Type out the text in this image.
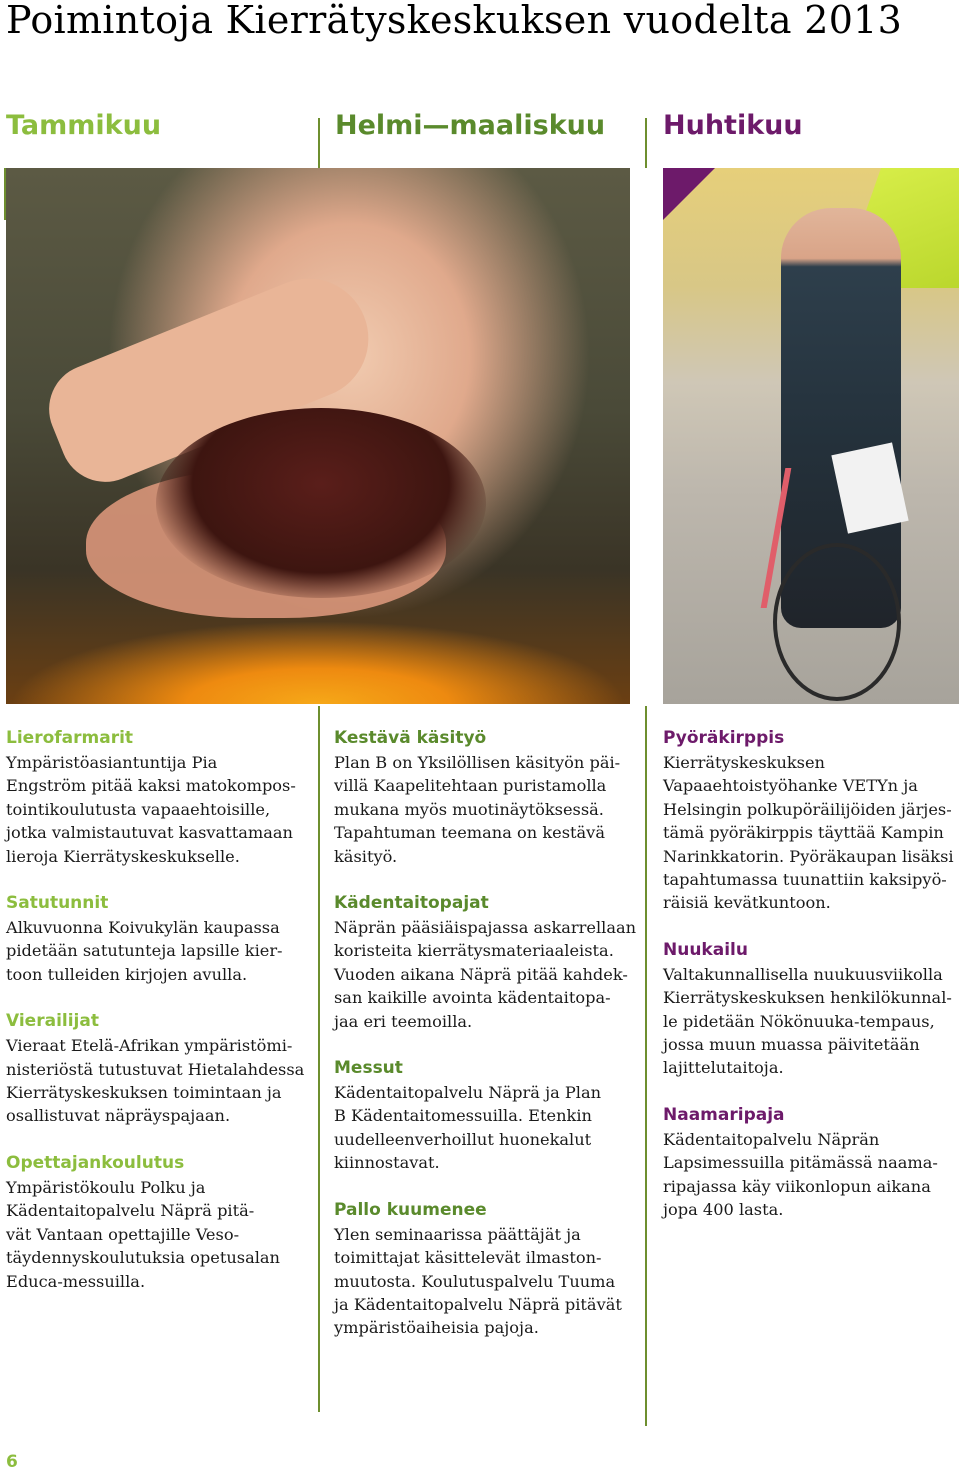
Poimintoja Kierrätyskeskuksen vuodelta 2013
Tammikuu	Helmi—maaliskuu Huhtikuu
Lierofarmarit
Ympäristöasiantuntija Pia
Engström pitää kaksi matokompos-
tointikoulutusta vapaaehtoisille,
jotka valmistautuvat kasvattamaan
lieroja Kierrätyskeskukselle.
Satutunnit
Alkuvuonna Koivukylän kaupassa
pidetään satutunteja lapsille kier-
toon tulleiden kirjojen avulla.
Vierailijat
Vieraat Etelä-Afrikan ympäristömi-
nisteriöstä tutustuvat Hietalahdessa
Kierrätyskeskuksen toimintaan ja
osallistuvat näpräyspajaan.
Opettajankoulutus
Ympäristökoulu Polku ja
Kädentaitopalvelu Näprä pitä-
vät Vantaan opettajille Veso-
täydennyskoulutuksia opetusalan
Educa-messuilla.
Kestävä käsityö
Plan B on Yksilöllisen käsityön päi-
villä Kaapelitehtaan puristamolla
mukana myös muotinäytöksessä.
Tapahtuman teemana on kestävä
käsityö.
Kädentaitopajat
Näprän pääsiäispajassa askarrellaan
koristeita kierrätysmateriaaleista.
Vuoden aikana Näprä pitää kahdek-
san kaikille avointa kädentaitopa-
jaa eri teemoilla.
Messut
Kädentaitopalvelu Näprä ja Plan
B Kädentaitomessuilla. Etenkin
uudelleenverhoillut huonekalut
kiinnostavat.
Pallo kuumenee
Ylen seminaarissa päättäjät ja
toimittajat käsittelevät ilmaston-
muutosta. Koulutuspalvelu Tuuma
ja Kädentaitopalvelu Näprä pitävät
ympäristöaiheisia pajoja.
Pyöräkirppis
Kierrätyskeskuksen
Vapaaehtoistyöhanke VETYn ja
Helsingin polkupöräilijöiden järjes-
tämä pyöräkirppis täyttää Kampin
Narinkkatorin. Pyöräkaupan lisäksi
tapahtumassa tuunattiin kaksipyö-
räisiä kevätkuntoon.
Nuukailu
Valtakunnallisella nuukuusviikolla
Kierrätyskeskuksen henkilökunnal-
le pidetään Nökönuuka-tempaus,
jossa muun muassa päivitetään
lajittelutaitoja.
Naamaripaja
Kädentaitopalvelu Näprän
Lapsimessuilla pitämässä naama-
ripajassa käy viikonlopun aikana
jopa 400 lasta.
6
